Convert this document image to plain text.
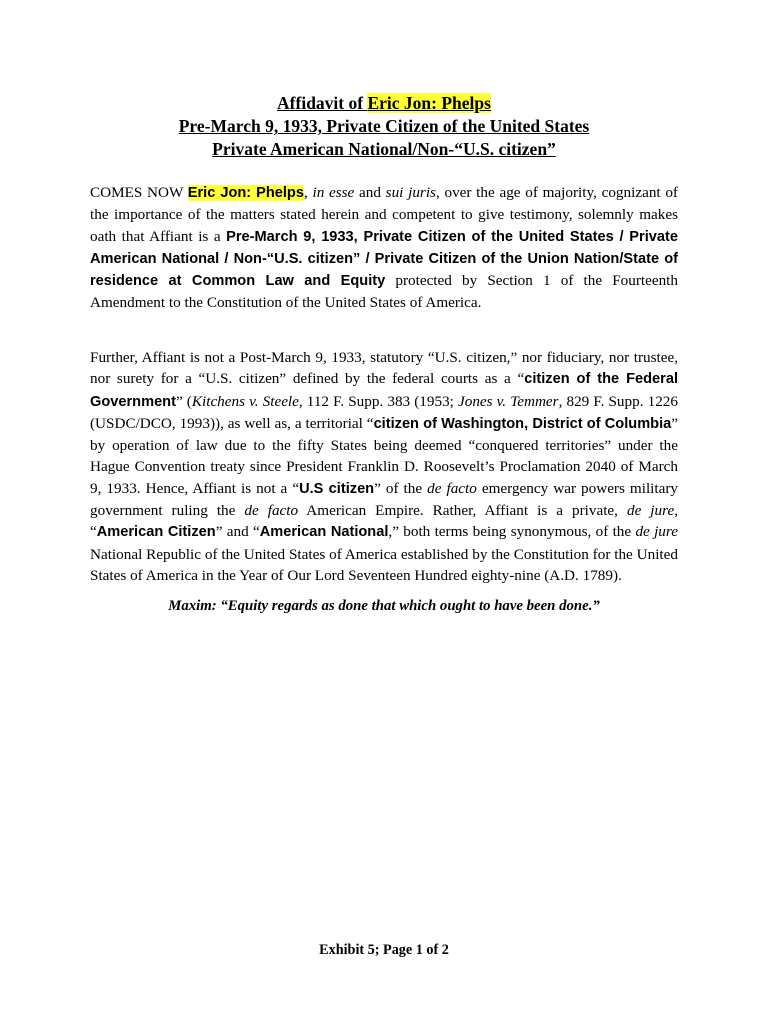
Affidavit of Eric Jon: Phelps
Pre-March 9, 1933, Private Citizen of the United States
Private American National/Non-“U.S. citizen”
COMES NOW Eric Jon: Phelps, in esse and sui juris, over the age of majority, cognizant of the importance of the matters stated herein and competent to give testimony, solemnly makes oath that Affiant is a Pre-March 9, 1933, Private Citizen of the United States / Private American National / Non-“U.S. citizen” / Private Citizen of the Union Nation/State of residence at Common Law and Equity protected by Section 1 of the Fourteenth Amendment to the Constitution of the United States of America.
Further, Affiant is not a Post-March 9, 1933, statutory “U.S. citizen,” nor fiduciary, nor trustee, nor surety for a “U.S. citizen” defined by the federal courts as a “citizen of the Federal Government” (Kitchens v. Steele, 112 F. Supp. 383 (1953; Jones v. Temmer, 829 F. Supp. 1226 (USDC/DCO, 1993)), as well as, a territorial “citizen of Washington, District of Columbia” by operation of law due to the fifty States being deemed “conquered territories” under the Hague Convention treaty since President Franklin D. Roosevelt’s Proclamation 2040 of March 9, 1933. Hence, Affiant is not a “U.S citizen” of the de facto emergency war powers military government ruling the de facto American Empire. Rather, Affiant is a private, de jure, “American Citizen” and “American National,” both terms being synonymous, of the de jure National Republic of the United States of America established by the Constitution for the United States of America in the Year of Our Lord Seventeen Hundred eighty-nine (A.D. 1789).
Maxim: “Equity regards as done that which ought to have been done.”
Exhibit 5; Page 1 of 2
